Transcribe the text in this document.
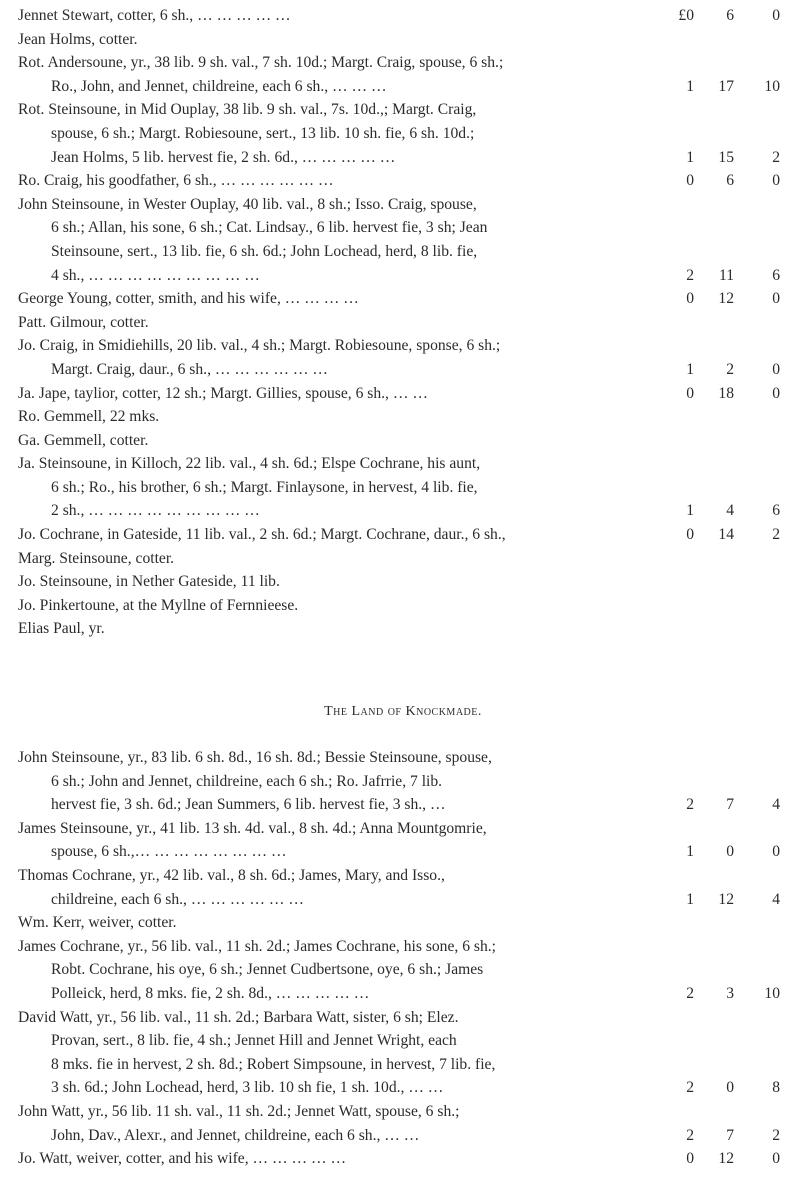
Jennet Stewart, cotter, 6 sh., … … … … …	£0 6 0
Jean Holms, cotter.
Rot. Andersoune, yr., 38 lib. 9 sh. val., 7 sh. 10d.; Margt. Craig, spouse, 6 sh.;
Ro., John, and Jennet, childreine, each 6 sh., … … …	1 17 10
Rot. Steinsoune, in Mid Ouplay, 38 lib. 9 sh. val., 7s. 10d.,; Margt. Craig,
spouse, 6 sh.; Margt. Robiesoune, sert., 13 lib. 10 sh. fie, 6 sh. 10d.;
Jean Holms, 5 lib. hervest fie, 2 sh. 6d., … … … … …	1 15 2
Ro. Craig, his goodfather, 6 sh., … … … … … …	0 6 0
John Steinsoune, in Wester Ouplay, 40 lib. val., 8 sh.; Isso. Craig, spouse,
6 sh.; Allan, his sone, 6 sh.; Cat. Lindsay., 6 lib. hervest fie, 3 sh; Jean
Steinsoune, sert., 13 lib. fie, 6 sh. 6d.; John Lochead, herd, 8 lib. fie,
4 sh., … … … … … … … … …	2 11 6
George Young, cotter, smith, and his wife, … … … …	0 12 0
Patt. Gilmour, cotter.
Jo. Craig, in Smidiehills, 20 lib. val., 4 sh.; Margt. Robiesoune, sponse, 6 sh.;
Margt. Craig, daur., 6 sh., … … … … … …	1 2 0
Ja. Jape, taylior, cotter, 12 sh.; Margt. Gillies, spouse, 6 sh., … …	0 18 0
Ro. Gemmell, 22 mks.
Ga. Gemmell, cotter.
Ja. Steinsoune, in Killoch, 22 lib. val., 4 sh. 6d.; Elspe Cochrane, his aunt,
6 sh.; Ro., his brother, 6 sh.; Margt. Finlaysone, in hervest, 4 lib. fie,
2 sh., … … … … … … … … …	1 4 6
Jo. Cochrane, in Gateside, 11 lib. val., 2 sh. 6d.; Margt. Cochrane, daur., 6 sh.,	0 14 2
Marg. Steinsoune, cotter.
Jo. Steinsoune, in Nether Gateside, 11 lib.
Jo. Pinkertoune, at the Myllne of Fernnieese.
Elias Paul, yr.
The Land of Knockmade.
John Steinsoune, yr., 83 lib. 6 sh. 8d., 16 sh. 8d.; Bessie Steinsoune, spouse,
6 sh.; John and Jennet, childreine, each 6 sh.; Ro. Jafrrie, 7 lib.
hervest fie, 3 sh. 6d.; Jean Summers, 6 lib. hervest fie, 3 sh., …	2 7 4
James Steinsoune, yr., 41 lib. 13 sh. 4d. val., 8 sh. 4d.; Anna Mountgomrie,
spouse, 6 sh.,… … … … … … … …	1 0 0
Thomas Cochrane, yr., 42 lib. val., 8 sh. 6d.; James, Mary, and Isso.,
childreine, each 6 sh., … … … … … …	1 12 4
Wm. Kerr, weiver, cotter.
James Cochrane, yr., 56 lib. val., 11 sh. 2d.; James Cochrane, his sone, 6 sh.;
Robt. Cochrane, his oye, 6 sh.; Jennet Cudbertsone, oye, 6 sh.; James
Polleick, herd, 8 mks. fie, 2 sh. 8d., … … … … …	2 3 10
David Watt, yr., 56 lib. val., 11 sh. 2d.; Barbara Watt, sister, 6 sh; Elez.
Provan, sert., 8 lib. fie, 4 sh.; Jennet Hill and Jennet Wright, each
8 mks. fie in hervest, 2 sh. 8d.; Robert Simpsoune, in hervest, 7 lib. fie,
3 sh. 6d.; John Lochead, herd, 3 lib. 10 sh fie, 1 sh. 10d., … …	2 0 8
John Watt, yr., 56 lib. 11 sh. val., 11 sh. 2d.; Jennet Watt, spouse, 6 sh.;
John, Dav., Alexr., and Jennet, childreine, each 6 sh., … …	2 7 2
Jo. Watt, weiver, cotter, and his wife, … … … … …	0 12 0
